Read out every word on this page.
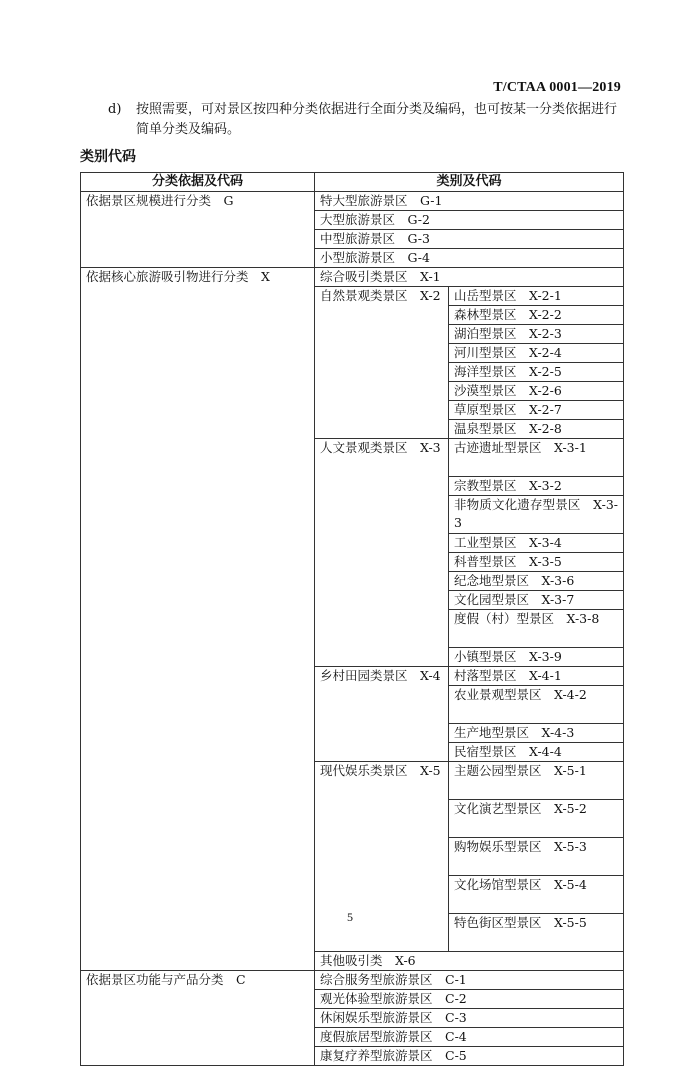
T/CTAA 0001—2019
d) 按照需要，可对景区按四种分类依据进行全面分类及编码，也可按某一分类依据进行简单分类及编码。
类别代码
分类依据及代码	类别及代码	
依据景区规模进行分类　G	特大型旅游景区　G-1	
	大型旅游景区　G-2	
	中型旅游景区　G-3	
	小型旅游景区　G-4	
依据核心旅游吸引物进行分类　X	综合吸引类景区　X-1	
	自然景观类景区　X-2	山岳型景区　X-2-1
		森林型景区　X-2-2
		湖泊型景区　X-2-3
		河川型景区　X-2-4
		海洋型景区　X-2-5
		沙漠型景区　X-2-6
		草原型景区　X-2-7
		温泉型景区　X-2-8
	人文景观类景区　X-3	古迹遗址型景区　X-3-1
		宗教型景区　X-3-2
		非物质文化遗存型景区　X-3-3
		工业型景区　X-3-4
		科普型景区　X-3-5
		纪念地型景区　X-3-6
		文化园型景区　X-3-7
		度假（村）型景区　X-3-8
		小镇型景区　X-3-9
	乡村田园类景区　X-4	村落型景区　X-4-1
		农业景观型景区　X-4-2
		生产地型景区　X-4-3
		民宿型景区　X-4-4
	现代娱乐类景区　X-5	主题公园型景区　X-5-1
		文化演艺型景区　X-5-2
		购物娱乐型景区　X-5-3
		文化场馆型景区　X-5-4
		特色街区型景区　X-5-5
	其他吸引类　X-6	
依据景区功能与产品分类　C	综合服务型旅游景区　C-1	
	观光体验型旅游景区　C-2	
	休闲娱乐型旅游景区　C-3	
	度假旅居型旅游景区　C-4	
	康复疗养型旅游景区　C-5	
5
